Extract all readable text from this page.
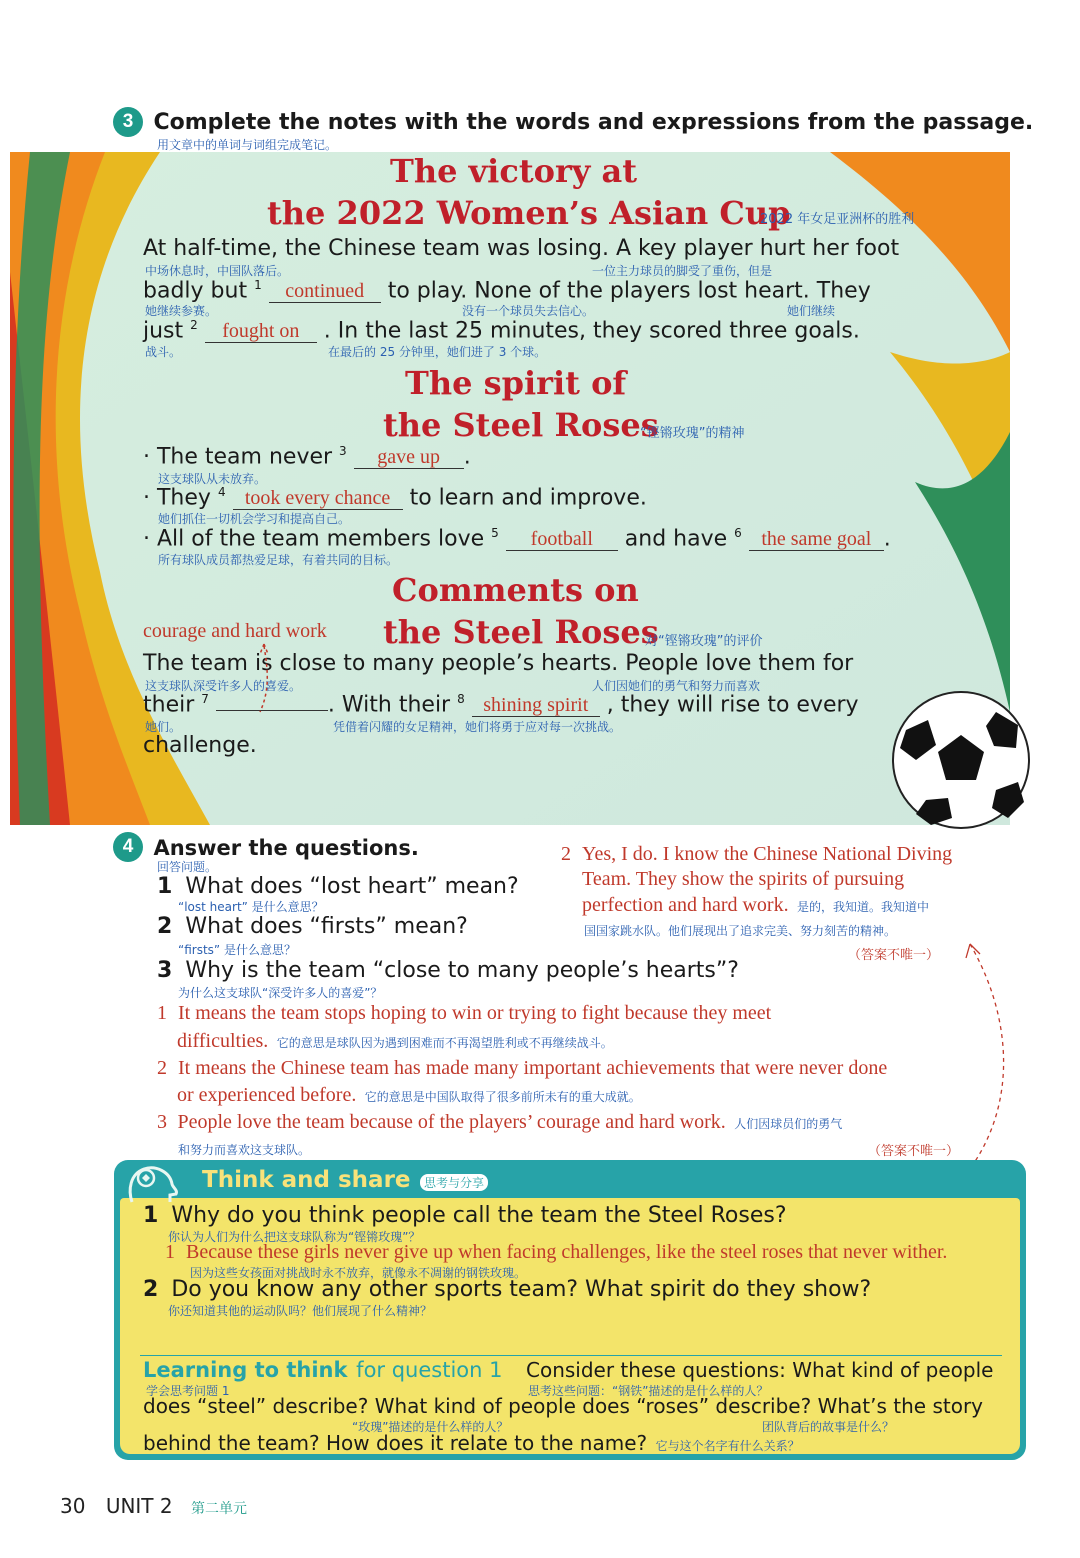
3 Complete the notes with the words and expressions from the passage.
用文章中的单词与词组完成笔记。
The victory at
the 2022 Women’s Asian Cup
2022 年女足亚洲杯的胜利
At half-time, the Chinese team was losing. A key player hurt her foot
中场休息时，中国队落后。	一位主力球员的脚受了重伤，但是
badly but $^1$ continued to play. None of the players lost heart. They
她继续参赛。	没有一个球员失去信心。	她们继续
just $^2$ fought on . In the last 25 minutes, they scored three goals.
战斗。	在最后的 25 分钟里，她们进了 3 个球。
The spirit of
the Steel Roses
“铿锵玫瑰”的精神
· The team never $^3$ gave up .
这支球队从未放弃。
· They $^4$ took every chance to learn and improve.
她们抓住一切机会学习和提高自己。
· All of the team members love $^5$ football and have $^6$ the same goal .
所有球队成员都热爱足球，有着共同的目标。
Comments on
the Steel Roses
对“铿锵玫瑰”的评价
courage and hard work
The team is close to many people’s hearts. People love them for
这支球队深受许多人的喜爱。	人们因她们的勇气和努力而喜欢
their $^7$	. With their $^8$ shining spirit , they will rise to every
她们。	凭借着闪耀的女足精神，她们将勇于应对每一次挑战。
challenge.
4 Answer the questions.
回答问题。
1 What does “lost heart” mean?
“lost heart” 是什么意思？
2 What does “firsts” mean?
“firsts” 是什么意思？
3 Why is the team “close to many people’s hearts”?
为什么这支球队“深受许多人的喜爱”？
1 It means the team stops hoping to win or trying to fight because they meet
difficulties. 它的意思是球队因为遇到困难而不再渴望胜利或不再继续战斗。
2 It means the Chinese team has made many important achievements that were never done
or experienced before. 它的意思是中国队取得了很多前所未有的重大成就。
3 People love the team because of the players’ courage and hard work. 人们因球员们的勇气
和努力而喜欢这支球队。	（答案不唯一）
2 Yes, I do. I know the Chinese National Diving
Team. They show the spirits of pursuing
perfection and hard work. 是的，我知道。我知道中
国国家跳水队。他们展现出了追求完美、努力刻苦的精神。
（答案不唯一）
Think and share	思考与分享
1 Why do you think people call the team the Steel Roses?
你认为人们为什么把这支球队称为“铿锵玫瑰”？
1 Because these girls never give up when facing challenges, like the steel roses that never wither.
因为这些女孩面对挑战时永不放弃，就像永不凋谢的钢铁玫瑰。
2 Do you know any other sports team? What spirit do they show?
你还知道其他的运动队吗？他们展现了什么精神？
Learning to think for question 1
学会思考问题 1
Consider these questions: What kind of people
思考这些问题：“钢铁”描述的是什么样的人？
does “steel” describe? What kind of people does “roses” describe? What’s the story
“玫瑰”描述的是什么样的人？	团队背后的故事是什么？
behind the team? How does it relate to the name? 它与这个名字有什么关系？
30 UNIT 2 第二单元
